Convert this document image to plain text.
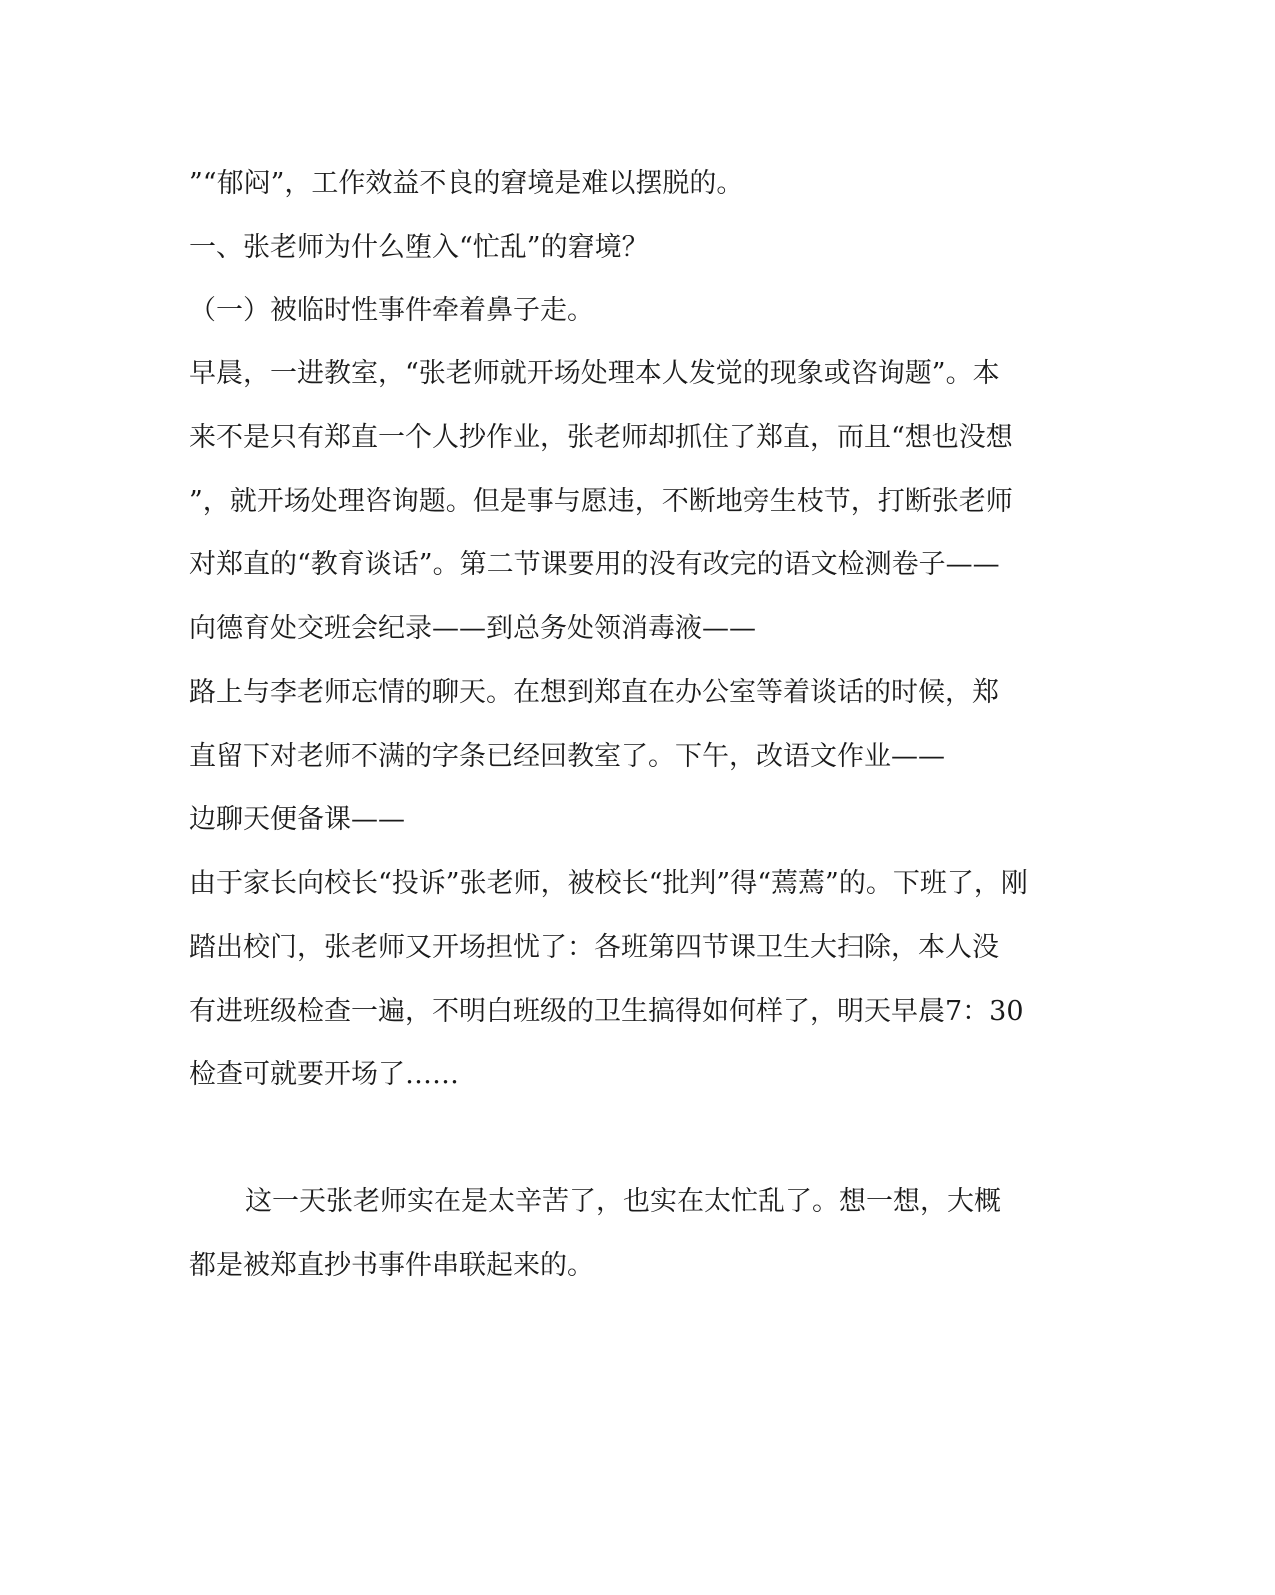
”“郁闷”，工作效益不良的窘境是难以摆脱的。
一、张老师为什么堕入“忙乱”的窘境？
（一）被临时性事件牵着鼻子走。
早晨，一进教室，“张老师就开场处理本人发觉的现象或咨询题”。本
来不是只有郑直一个人抄作业，张老师却抓住了郑直，而且“想也没想
”，就开场处理咨询题。但是事与愿违，不断地旁生枝节，打断张老师
对郑直的“教育谈话”。第二节课要用的没有改完的语文检测卷子——
向德育处交班会纪录——到总务处领消毒液——
路上与李老师忘情的聊天。在想到郑直在办公室等着谈话的时候，郑
直留下对老师不满的字条已经回教室了。下午，改语文作业——
边聊天便备课——
由于家长向校长“投诉”张老师，被校长“批判”得“蔫蔫”的。下班了，刚
踏出校门，张老师又开场担忧了：各班第四节课卫生大扫除，本人没
有进班级检查一遍，不明白班级的卫生搞得如何样了，明天早晨7：30
检查可就要开场了……
这一天张老师实在是太辛苦了，也实在太忙乱了。想一想，大概
都是被郑直抄书事件串联起来的。
